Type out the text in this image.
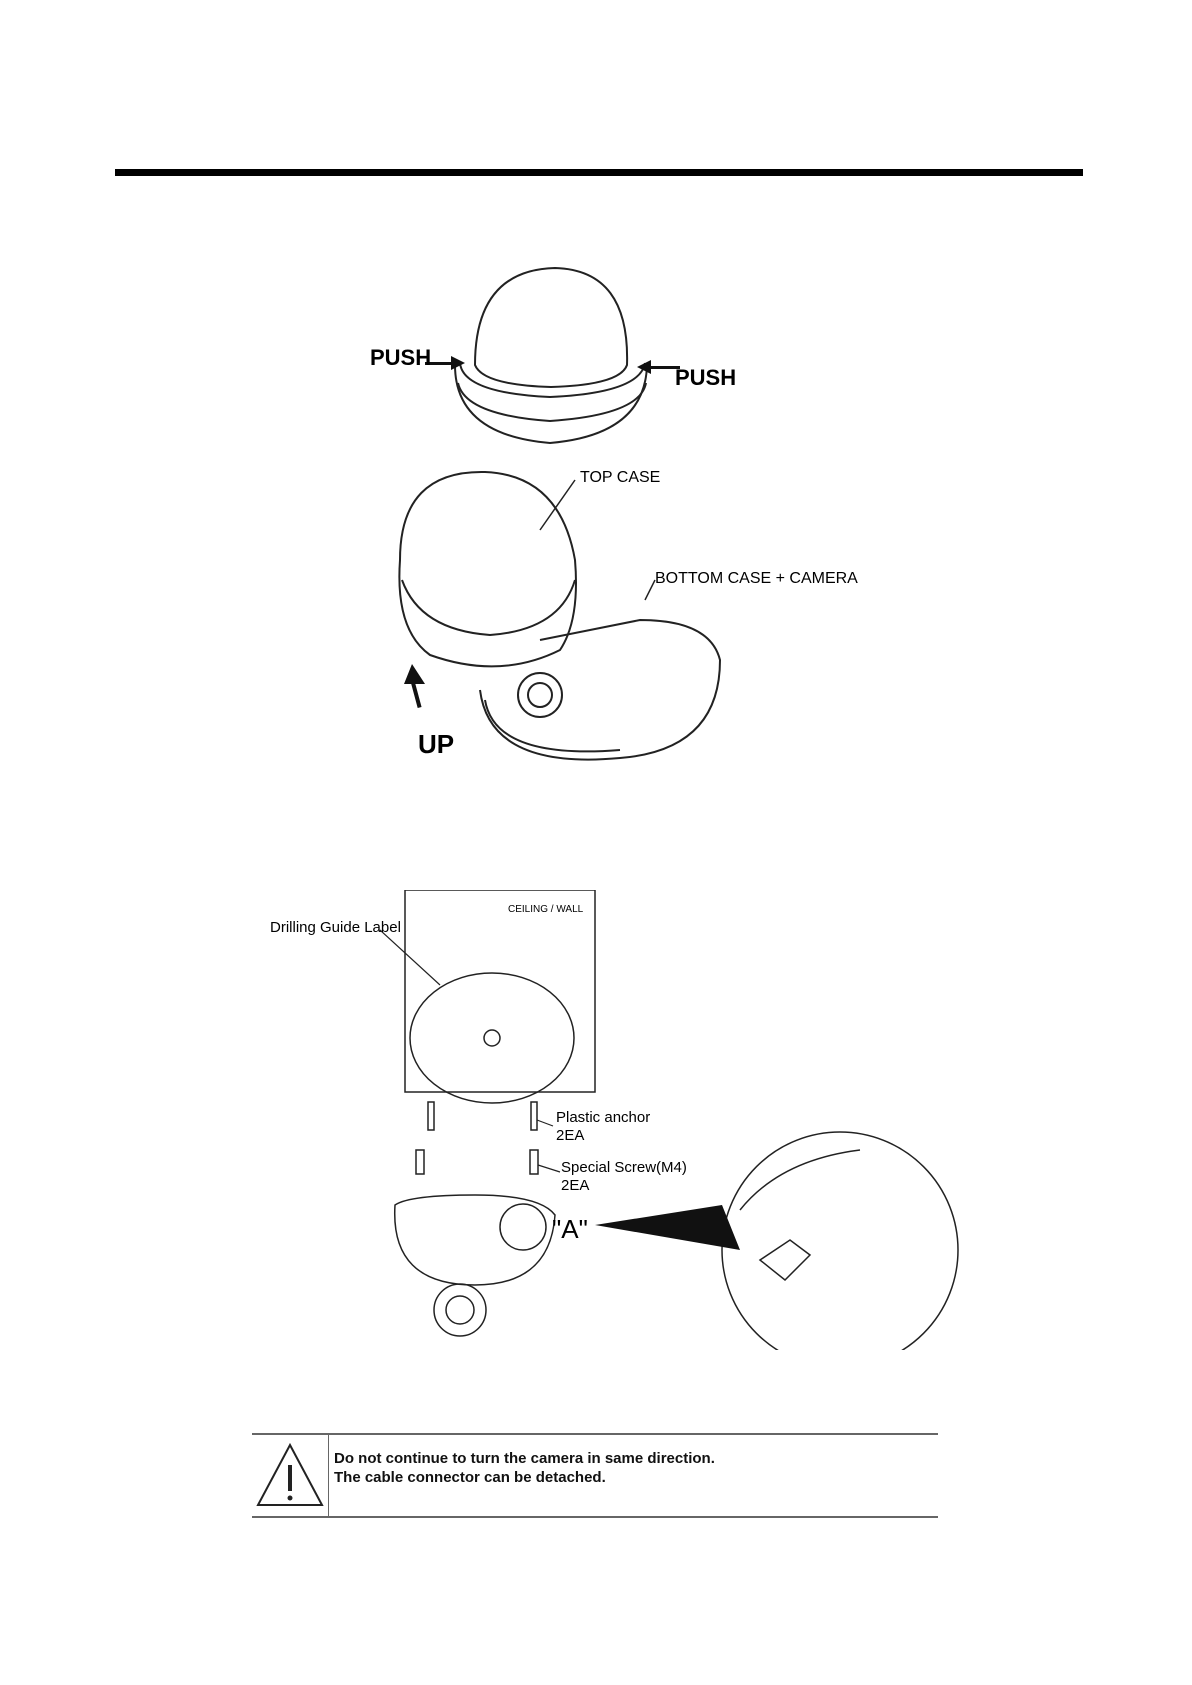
PUSH
PUSH
TOP CASE
BOTTOM CASE + CAMERA
UP
CEILING / WALL
Drilling Guide Label
Plastic anchor
2EA
Special Screw(M4)
2EA
"A"
Do not continue to turn the camera in same direction.
The cable connector can be detached.
